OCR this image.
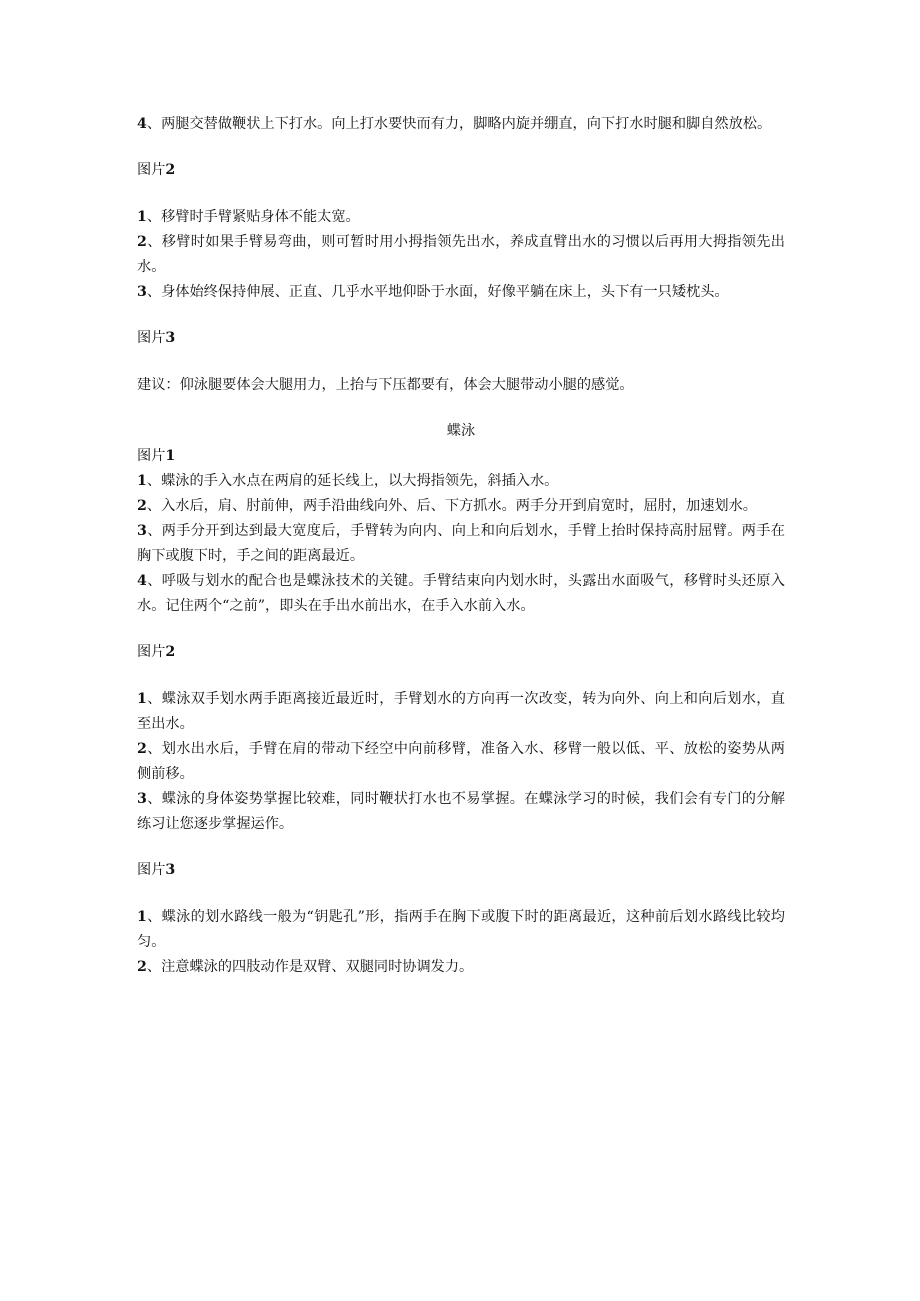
4、两腿交替做鞭状上下打水。向上打水要快而有力，脚略内旋并绷直，向下打水时腿和脚自然放松。

图片2

1、移臂时手臂紧贴身体不能太宽。

2、移臂时如果手臂易弯曲，则可暂时用小拇指领先出水，养成直臂出水的习惯以后再用大拇指领先出水。

3、身体始终保持伸展、正直、几乎水平地仰卧于水面，好像平躺在床上，头下有一只矮枕头。

图片3

建议：仰泳腿要体会大腿用力，上抬与下压都要有，体会大腿带动小腿的感觉。

蝶泳

图片1

1、蝶泳的手入水点在两肩的延长线上，以大拇指领先，斜插入水。

2、入水后，肩、肘前伸，两手沿曲线向外、后、下方抓水。两手分开到肩宽时，屈肘，加速划水。

3、两手分开到达到最大宽度后，手臂转为向内、向上和向后划水，手臂上抬时保持高肘屈臂。两手在胸下或腹下时，手之间的距离最近。

4、呼吸与划水的配合也是蝶泳技术的关键。手臂结束向内划水时，头露出水面吸气，移臂时头还原入水。记住两个“之前”，即头在手出水前出水，在手入水前入水。

图片2

1、蝶泳双手划水两手距离接近最近时，手臂划水的方向再一次改变，转为向外、向上和向后划水，直至出水。

2、划水出水后，手臂在肩的带动下经空中向前移臂，准备入水、移臂一般以低、平、放松的姿势从两侧前移。

3、蝶泳的身体姿势掌握比较难，同时鞭状打水也不易掌握。在蝶泳学习的时候，我们会有专门的分解练习让您逐步掌握运作。

图片3

1、蝶泳的划水路线一般为“钥匙孔”形，指两手在胸下或腹下时的距离最近，这种前后划水路线比较均匀。

2、注意蝶泳的四肢动作是双臂、双腿同时协调发力。
